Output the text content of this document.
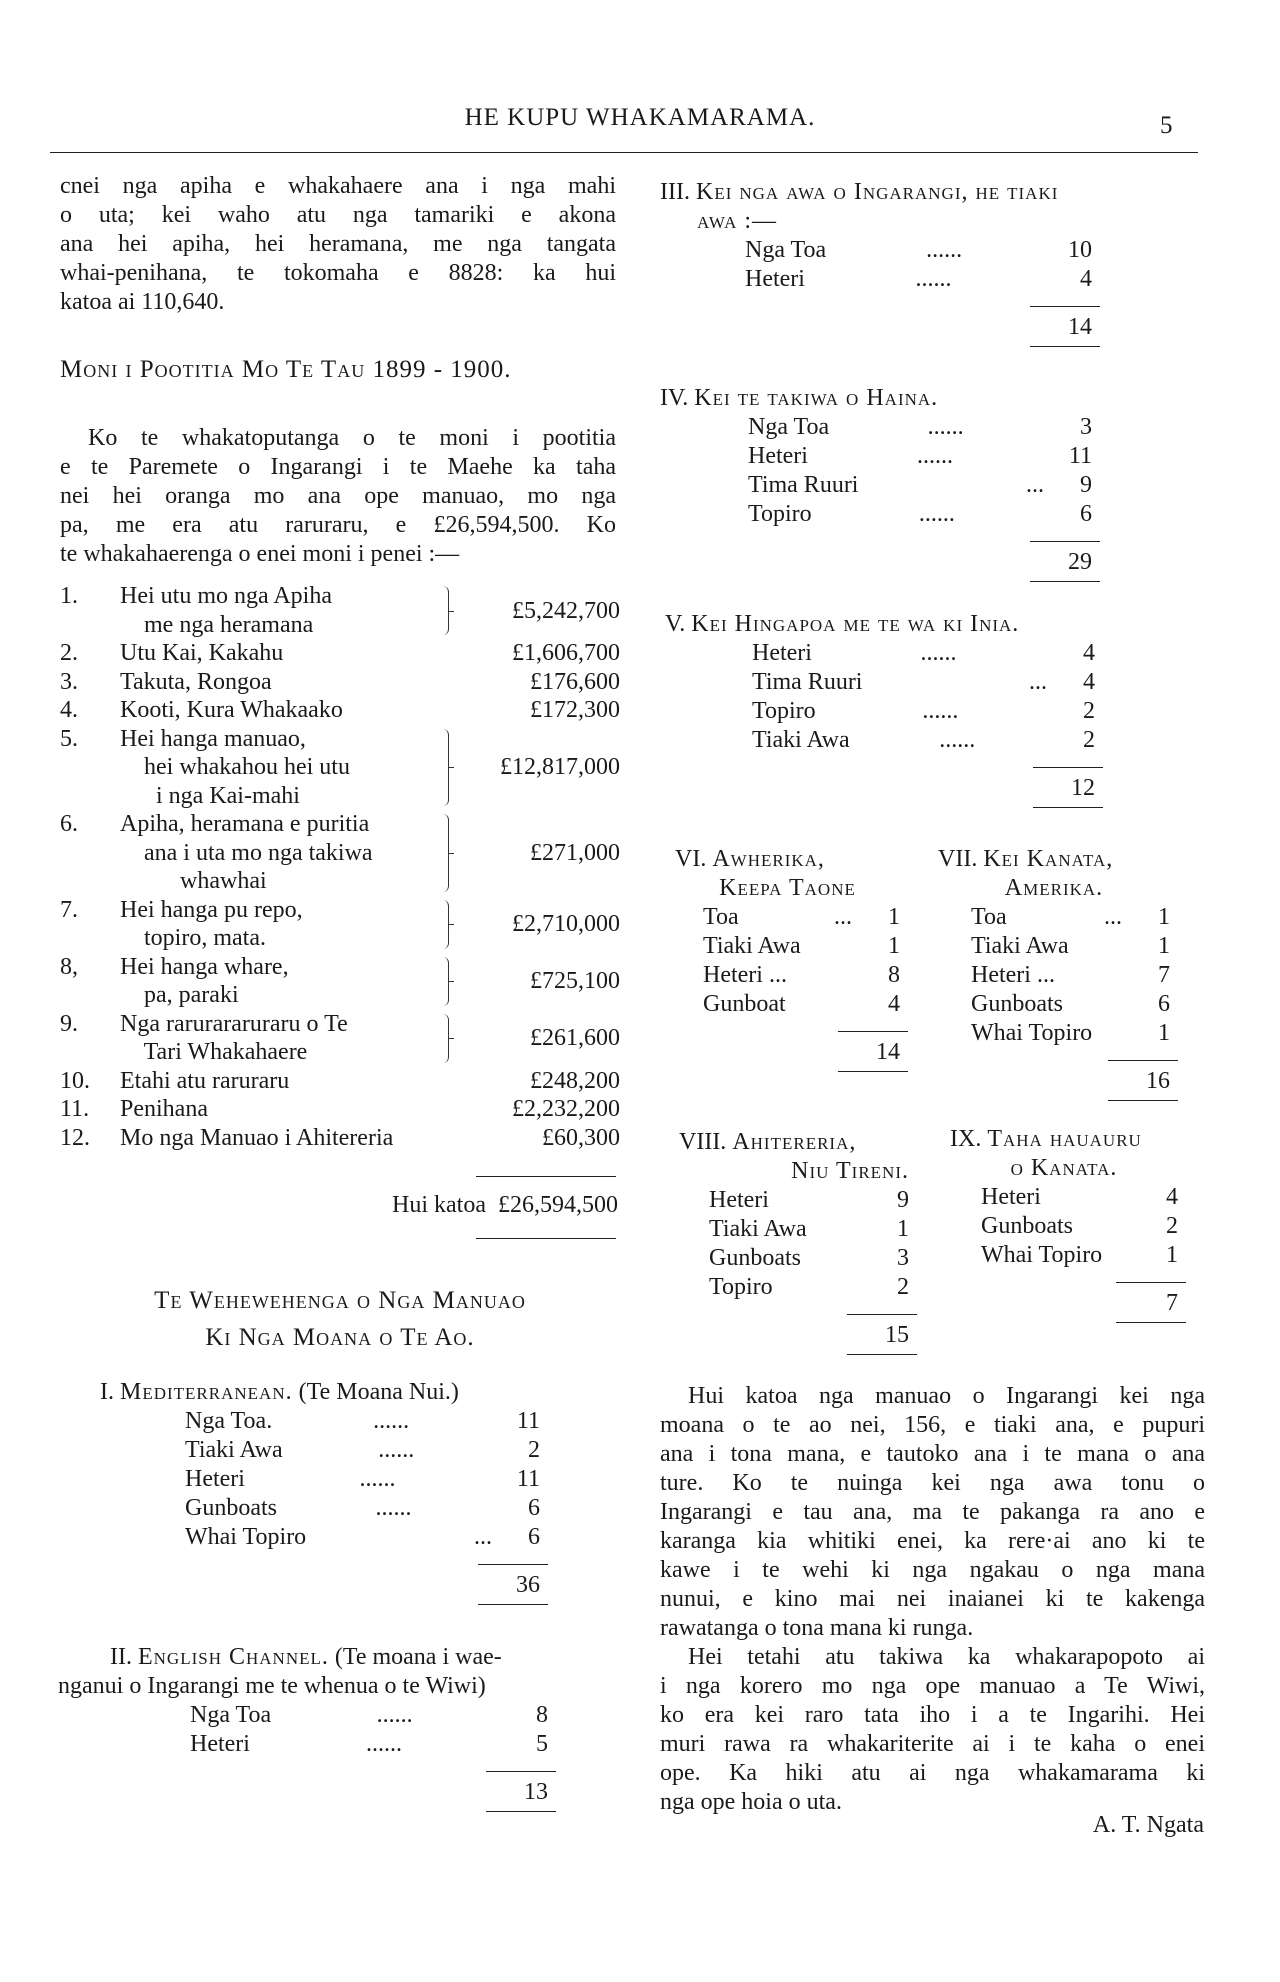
HE KUPU WHAKAMARAMA.	5
cnei nga apiha e whakahaere ana i nga mahi
o uta; kei waho atu nga tamariki e akona
ana hei apiha, hei heramana, me nga tangata
whai-penihana, te tokomaha e 8828: ka hui
katoa ai 110,640.
Moni i Pootitia Mo Te Tau 1899 - 1900.
Ko te whakatoputanga o te moni i pootitia
e te Paremete o Ingarangi i te Maehe ka taha
nei hei oranga mo ana ope manuao, mo nga
pa, me era atu raruraru, e £26,594,500. Ko
te whakahaerenga o enei moni i penei :—
1.	Hei utu mo nga Apiha
me nga heramana
£5,242,700
2.	Utu Kai, Kakahu	£1,606,700
3.	Takuta, Rongoa	£176,600
4.	Kooti, Kura Whakaako	£172,300
5.	Hei hanga manuao,
hei whakahou hei utu
i nga Kai-mahi
£12,817,000
6.	Apiha, heramana e puritia
ana i uta mo nga takiwa
whawhai
£271,000
7.	Hei hanga pu repo,
topiro, mata.
£2,710,000
8,	Hei hanga whare,
pa, paraki
£725,100
9.	Nga rarurararuraru o Te
Tari Whakahaere
£261,600
10.	Etahi atu raruraru	£248,200
11.	Penihana	£2,232,200
12.	Mo nga Manuao i Ahitereria	£60,300
Hui katoa £26,594,500
Te Wehewehenga o Nga Manuao
Ki Nga Moana o Te Ao.
I. Mediterranean. (Te Moana Nui.)
Nga Toa.	......	11
Tiaki Awa	......	2
Heteri	......	11
Gunboats	......	6
Whai Topiro	...	6
36
II. English Channel. (Te moana i wae-nganui o Ingarangi me te whenua o te Wiwi)
Nga Toa	......	8
Heteri	......	5
13
III. Kei nga awa o Ingarangi, he tiaki
awa :—
Nga Toa	......	10
Heteri	......	4
14
IV. Kei te takiwa o Haina.
Nga Toa	......	3
Heteri	......	11
Tima Ruuri	...	9
Topiro	......	6
29
V. Kei Hingapoa me te wa ki Inia.
Heteri	......	4
Tima Ruuri	...	4
Topiro	......	2
Tiaki Awa	......	2
12
VI. Awherika,
Keepa Taone
Toa	...	1
Tiaki Awa	1
Heteri ...	8
Gunboat	4
14
VII. Kei Kanata,
Amerika.
Toa	...	1
Tiaki Awa	1
Heteri ...	7
Gunboats	6
Whai Topiro	1
16
VIII. Ahitereria,
Niu Tireni.
Heteri	9
Tiaki Awa	1
Gunboats	3
Topiro	2
15
IX. Taha hauauru
o Kanata.
Heteri	4
Gunboats	2
Whai Topiro	1
7
Hui katoa nga manuao o Ingarangi kei nga
moana o te ao nei, 156, e tiaki ana, e pupuri
ana i tona mana, e tautoko ana i te mana o ana
ture. Ko te nuinga kei nga awa tonu o
Ingarangi e tau ana, ma te pakanga ra ano e
karanga kia whitiki enei, ka rere·ai ano ki te
kawe i te wehi ki nga ngakau o nga mana
nunui, e kino mai nei inaianei ki te kakenga
rawatanga o tona mana ki runga.
Hei tetahi atu takiwa ka whakarapopoto ai
i nga korero mo nga ope manuao a Te Wiwi,
ko era kei raro tata iho i a te Ingarihi. Hei
muri rawa ra whakariterite ai i te kaha o enei
ope. Ka hiki atu ai nga whakamarama ki
nga ope hoia o uta.
A. T. Ngata
